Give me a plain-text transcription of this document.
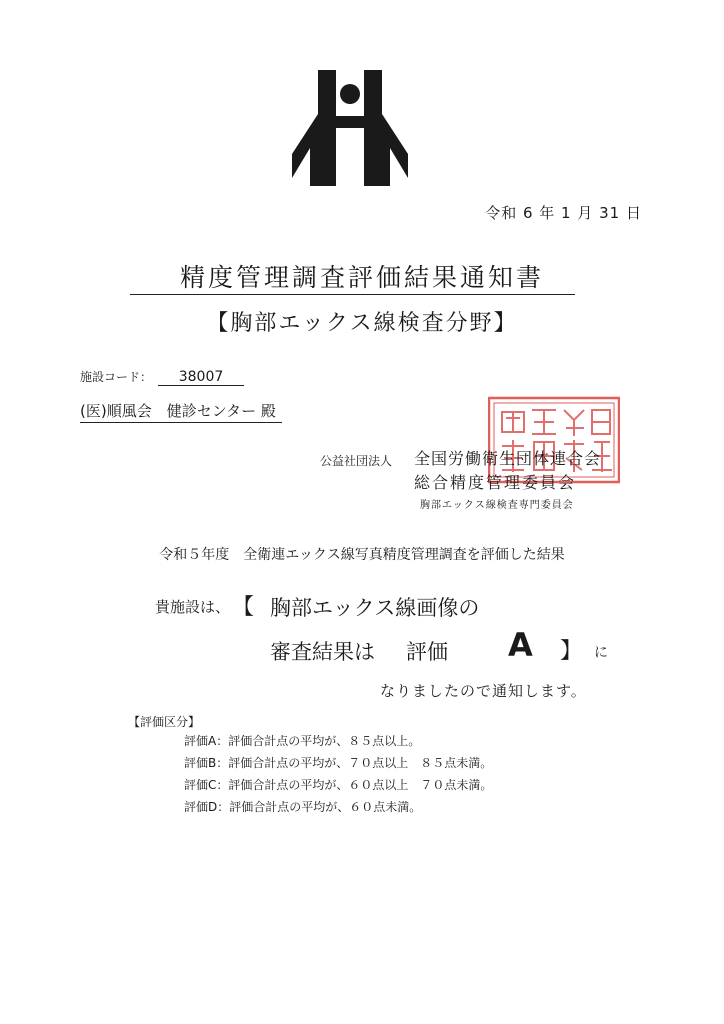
令和 6 年 1 月 31 日
精度管理調査評価結果通知書
【胸部エックス線検査分野】
施設コード： 38007
(医)順風会　健診センター 殿
公益社団法人 全国労働衛生団体連合会
総合精度管理委員会
胸部エックス線検査専門委員会
令和５年度　全衛連エックス線写真精度管理調査を評価した結果
貴施設は、 【 胸部エックス線画像の
審査結果は 評価 A 】 に
なりましたので通知します。
【評価区分】
評価A：評価合計点の平均が、８５点以上。
評価B：評価合計点の平均が、７０点以上　８５点未満。
評価C：評価合計点の平均が、６０点以上　７０点未満。
評価D：評価合計点の平均が、６０点未満。
